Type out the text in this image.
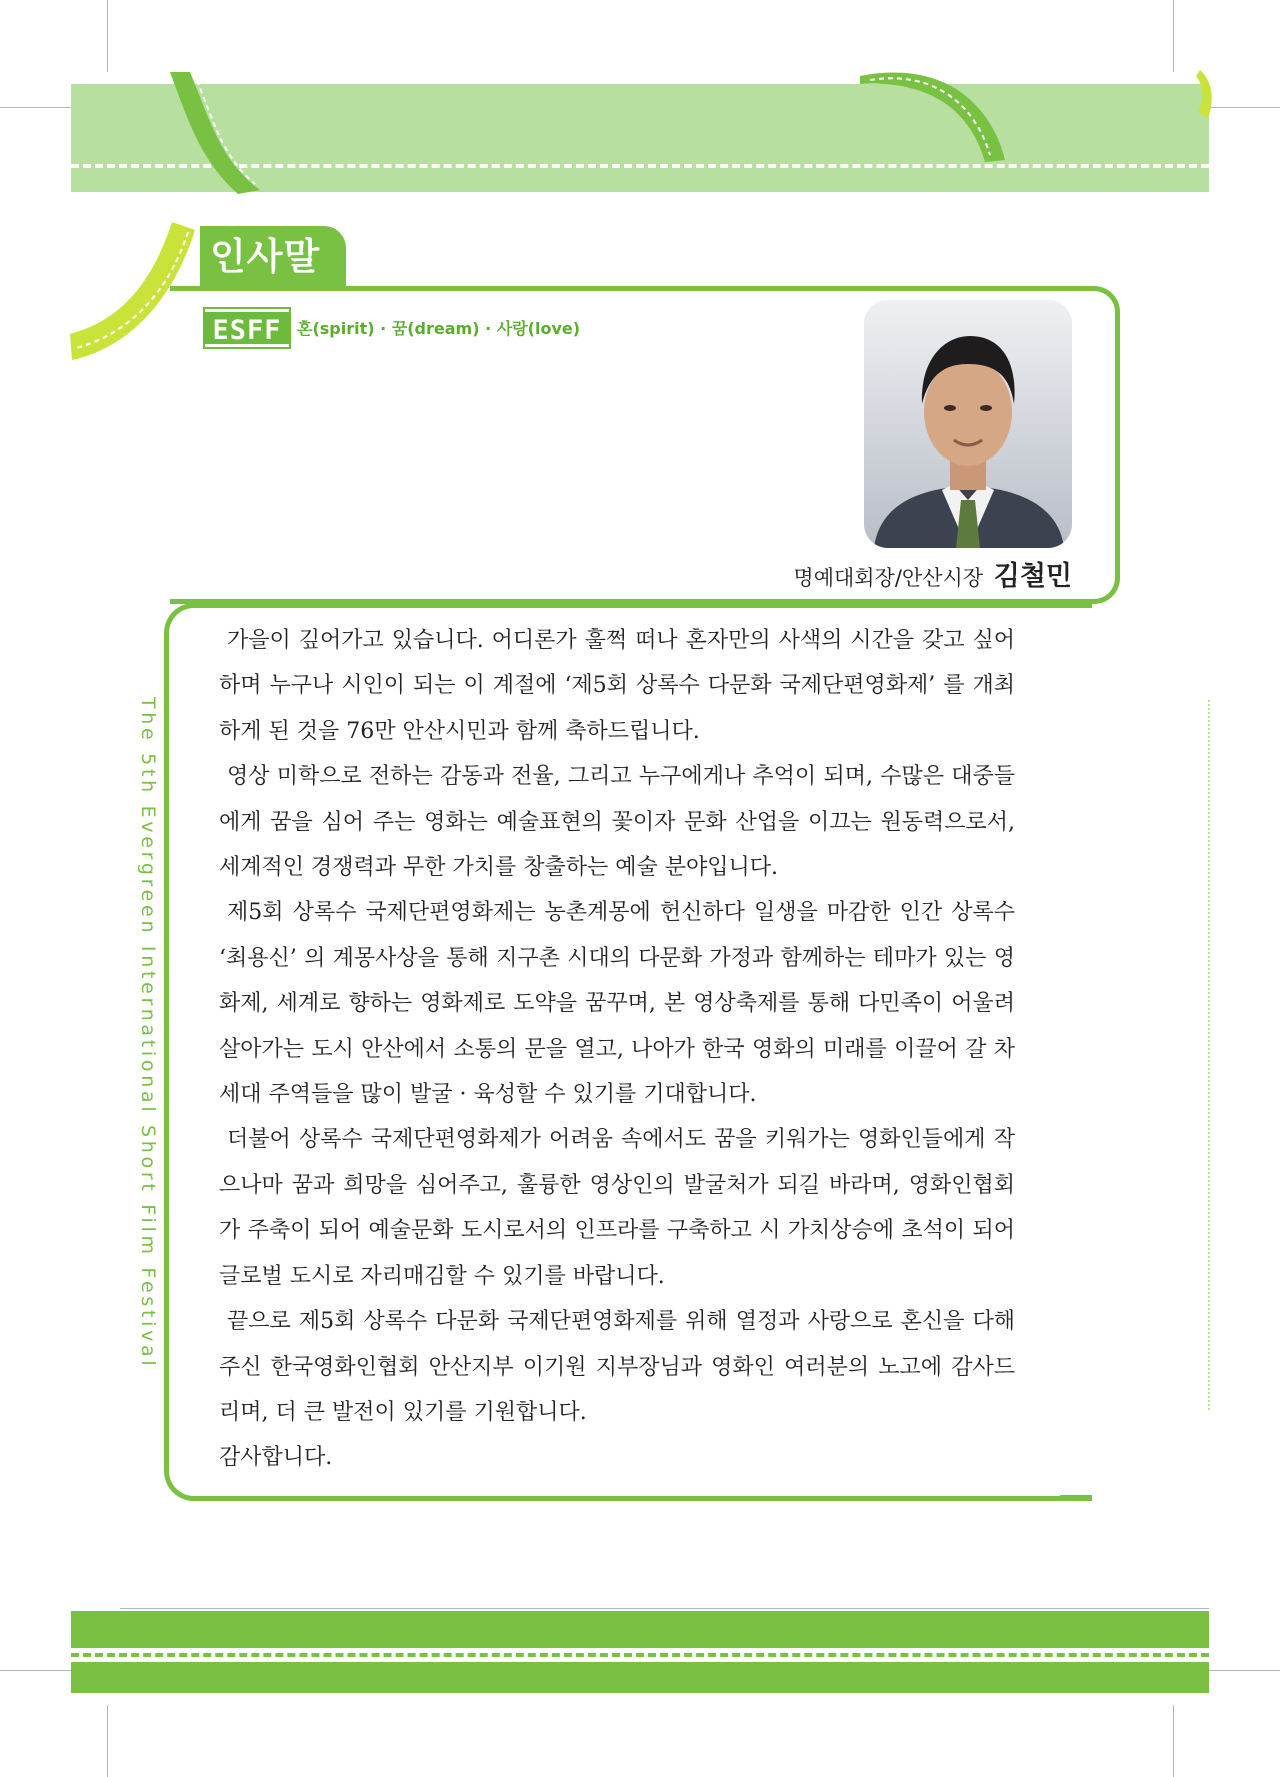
인사말
ESFF 혼(spirit) · 꿈(dream) · 사랑(love)
명예대회장/안산시장 김철민
The 5th Evergreen International Short Film Festival

가을이 깊어가고 있습니다. 어디론가 훌쩍 떠나 혼자만의 사색의 시간을 갖고 싶어하며 누구나 시인이 되는 이 계절에 ‘제5회 상록수 다문화 국제단편영화제’ 를 개최하게 된 것을 76만 안산시민과 함께 축하드립니다.

영상 미학으로 전하는 감동과 전율, 그리고 누구에게나 추억이 되며, 수많은 대중들에게 꿈을 심어 주는 영화는 예술표현의 꽃이자 문화 산업을 이끄는 원동력으로서, 세계적인 경쟁력과 무한 가치를 창출하는 예술 분야입니다.

제5회 상록수 국제단편영화제는 농촌계몽에 헌신하다 일생을 마감한 인간 상록수 ‘최용신’ 의 계몽사상을 통해 지구촌 시대의 다문화 가정과 함께하는 테마가 있는 영화제, 세계로 향하는 영화제로 도약을 꿈꾸며, 본 영상축제를 통해 다민족이 어울려 살아가는 도시 안산에서 소통의 문을 열고, 나아가 한국 영화의 미래를 이끌어 갈 차세대 주역들을 많이 발굴 · 육성할 수 있기를 기대합니다.

더불어 상록수 국제단편영화제가 어려움 속에서도 꿈을 키워가는 영화인들에게 작으나마 꿈과 희망을 심어주고, 훌륭한 영상인의 발굴처가 되길 바라며, 영화인협회가 주축이 되어 예술문화 도시로서의 인프라를 구축하고 시 가치상승에 초석이 되어 글로벌 도시로 자리매김할 수 있기를 바랍니다.

끝으로 제5회 상록수 다문화 국제단편영화제를 위해 열정과 사랑으로 혼신을 다해주신 한국영화인협회 안산지부 이기원 지부장님과 영화인 여러분의 노고에 감사드리며, 더 큰 발전이 있기를 기원합니다.

감사합니다.
